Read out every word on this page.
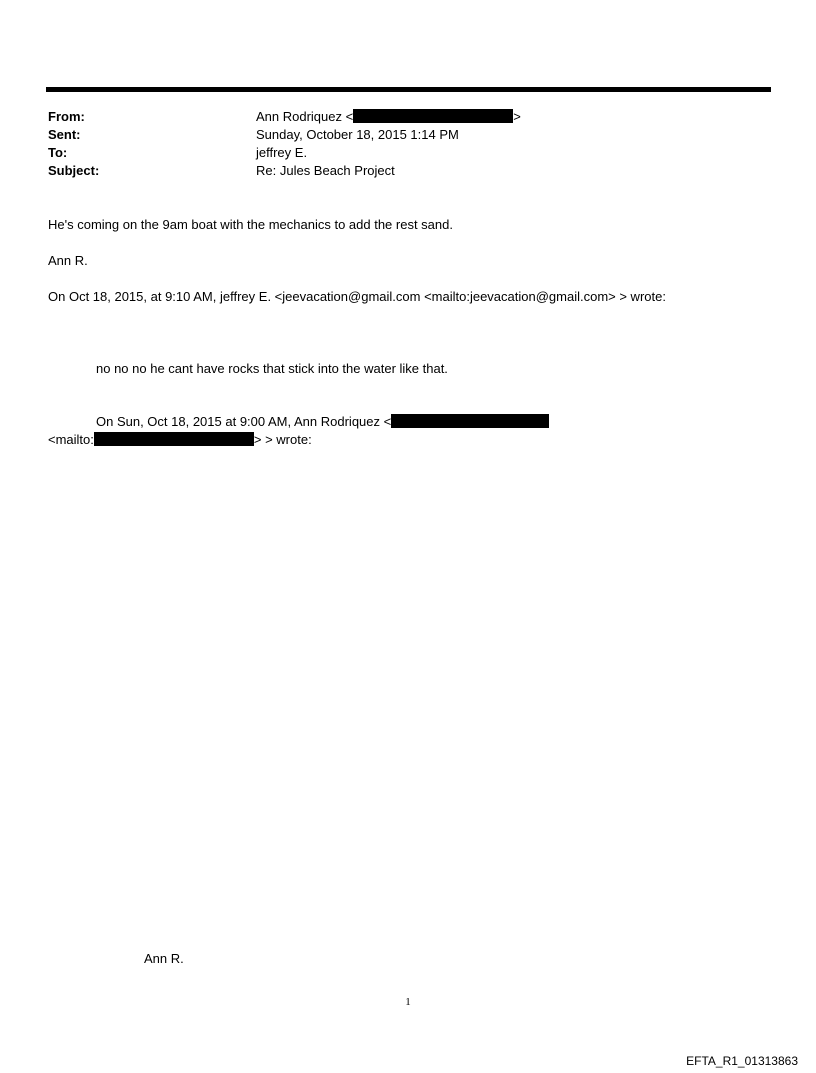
From:
Sent:
To:
Subject:
Ann Rodriquez <	>
Sunday, October 18, 2015 1:14 PM
jeffrey E.
Re: Jules Beach Project
He's coming on the 9am boat with the mechanics to add the rest sand.
Ann R.
On Oct 18, 2015, at 9:10 AM, jeffrey E. <jeevacation@gmail.com <mailto:jeevacation@gmail.com> > wrote:
no no no he cant have rocks that stick into the water like that.
On Sun, Oct 18, 2015 at 9:00 AM, Ann Rodriquez <
<mailto:	> > wrote:
Ann R.
1
EFTA_R1_01313863
